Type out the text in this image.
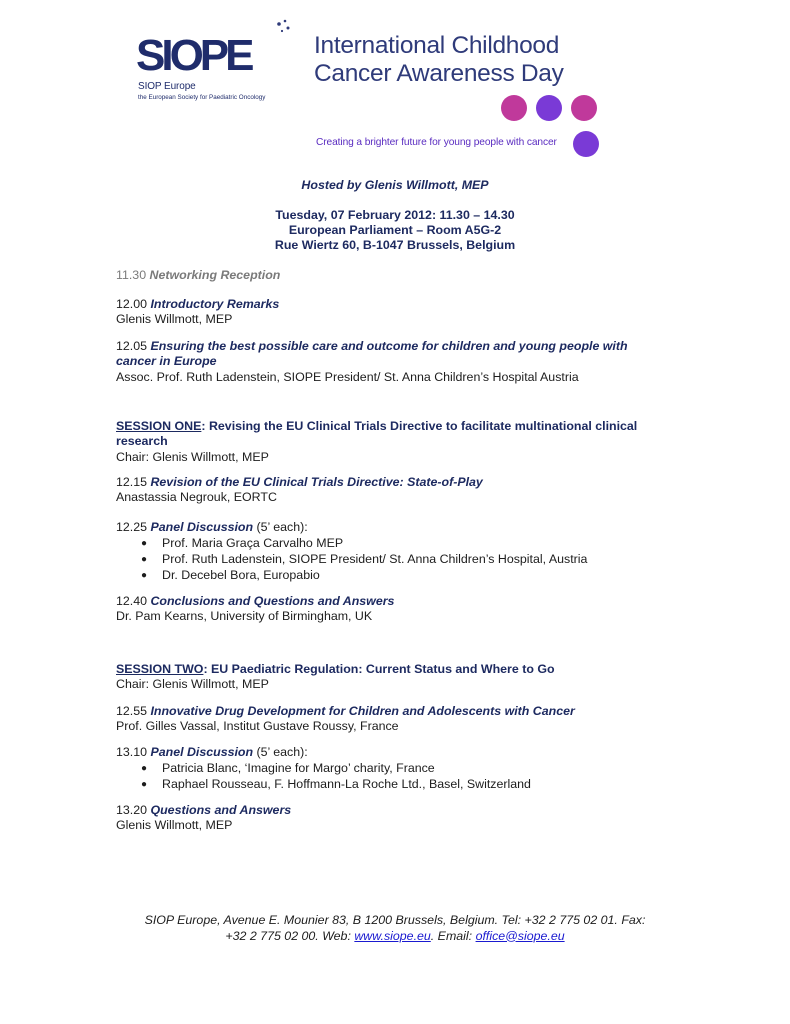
SIOPE
SIOP Europe
the European Society for Paediatric Oncology
International Childhood
Cancer Awareness Day
Creating a brighter future for young people with cancer
Hosted by Glenis Willmott, MEP
Tuesday, 07 February 2012: 11.30 – 14.30
European Parliament – Room A5G-2
Rue Wiertz 60, B-1047 Brussels, Belgium
11.30 Networking Reception
12.00 Introductory Remarks
Glenis Willmott, MEP
12.05 Ensuring the best possible care and outcome for children and young people with
cancer in Europe
Assoc. Prof. Ruth Ladenstein, SIOPE President/ St. Anna Children’s Hospital Austria
SESSION ONE: Revising the EU Clinical Trials Directive to facilitate multinational clinical
research
Chair: Glenis Willmott, MEP
12.15 Revision of the EU Clinical Trials Directive: State-of-Play
Anastassia Negrouk, EORTC
12.25 Panel Discussion (5’ each):
● Prof. Maria Graça Carvalho MEP
● Prof. Ruth Ladenstein, SIOPE President/ St. Anna Children’s Hospital, Austria
● Dr. Decebel Bora, Europabio
12.40 Conclusions and Questions and Answers
Dr. Pam Kearns, University of Birmingham, UK
SESSION TWO: EU Paediatric Regulation: Current Status and Where to Go
Chair: Glenis Willmott, MEP
12.55 Innovative Drug Development for Children and Adolescents with Cancer
Prof. Gilles Vassal, Institut Gustave Roussy, France
13.10 Panel Discussion (5’ each):
● Patricia Blanc, ‘Imagine for Margo’ charity, France
● Raphael Rousseau, F. Hoffmann-La Roche Ltd., Basel, Switzerland
13.20 Questions and Answers
Glenis Willmott, MEP
SIOP Europe, Avenue E. Mounier 83, B 1200 Brussels, Belgium. Tel: +32 2 775 02 01. Fax:
+32 2 775 02 00. Web: www.siope.eu. Email: office@siope.eu
